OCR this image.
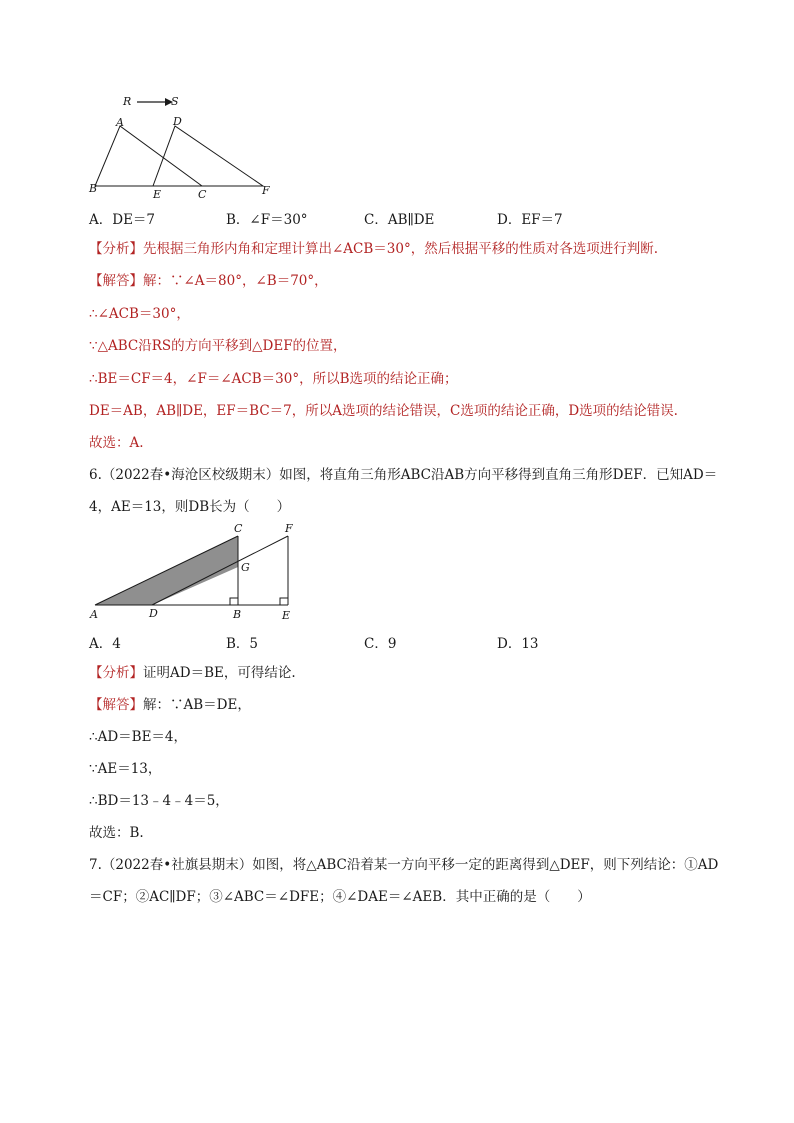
R	S
A	D
B	E	C	F
A．DE＝7	B．∠F＝30°	C．AB∥DE	D．EF＝7
【分析】先根据三角形内角和定理计算出∠ACB＝30°，然后根据平移的性质对各选项进行判断.
【解答】解：∵∠A＝80°，∠B＝70°，
∴∠ACB＝30°，
∵△ABC沿RS的方向平移到△DEF的位置，
∴BE＝CF＝4，∠F＝∠ACB＝30°，所以B选项的结论正确；
DE＝AB，AB∥DE，EF＝BC＝7，所以A选项的结论错误，C选项的结论正确，D选项的结论错误.
故选：A.
6.（2022春•海沧区校级期末）如图，将直角三角形ABC沿AB方向平移得到直角三角形DEF．已知AD＝
4，AE＝13，则DB长为（　　）
C	F
G
A	D	B	E
A．4	B．5	C．9	D．13
【分析】证明AD＝BE，可得结论.
【解答】解：∵AB＝DE，
∴AD＝BE＝4，
∵AE＝13，
∴BD＝13﹣4﹣4＝5，
故选：B.
7.（2022春•社旗县期末）如图，将△ABC沿着某一方向平移一定的距离得到△DEF，则下列结论：①AD
＝CF；②AC∥DF；③∠ABC＝∠DFE；④∠DAE＝∠AEB．其中正确的是（　　）
